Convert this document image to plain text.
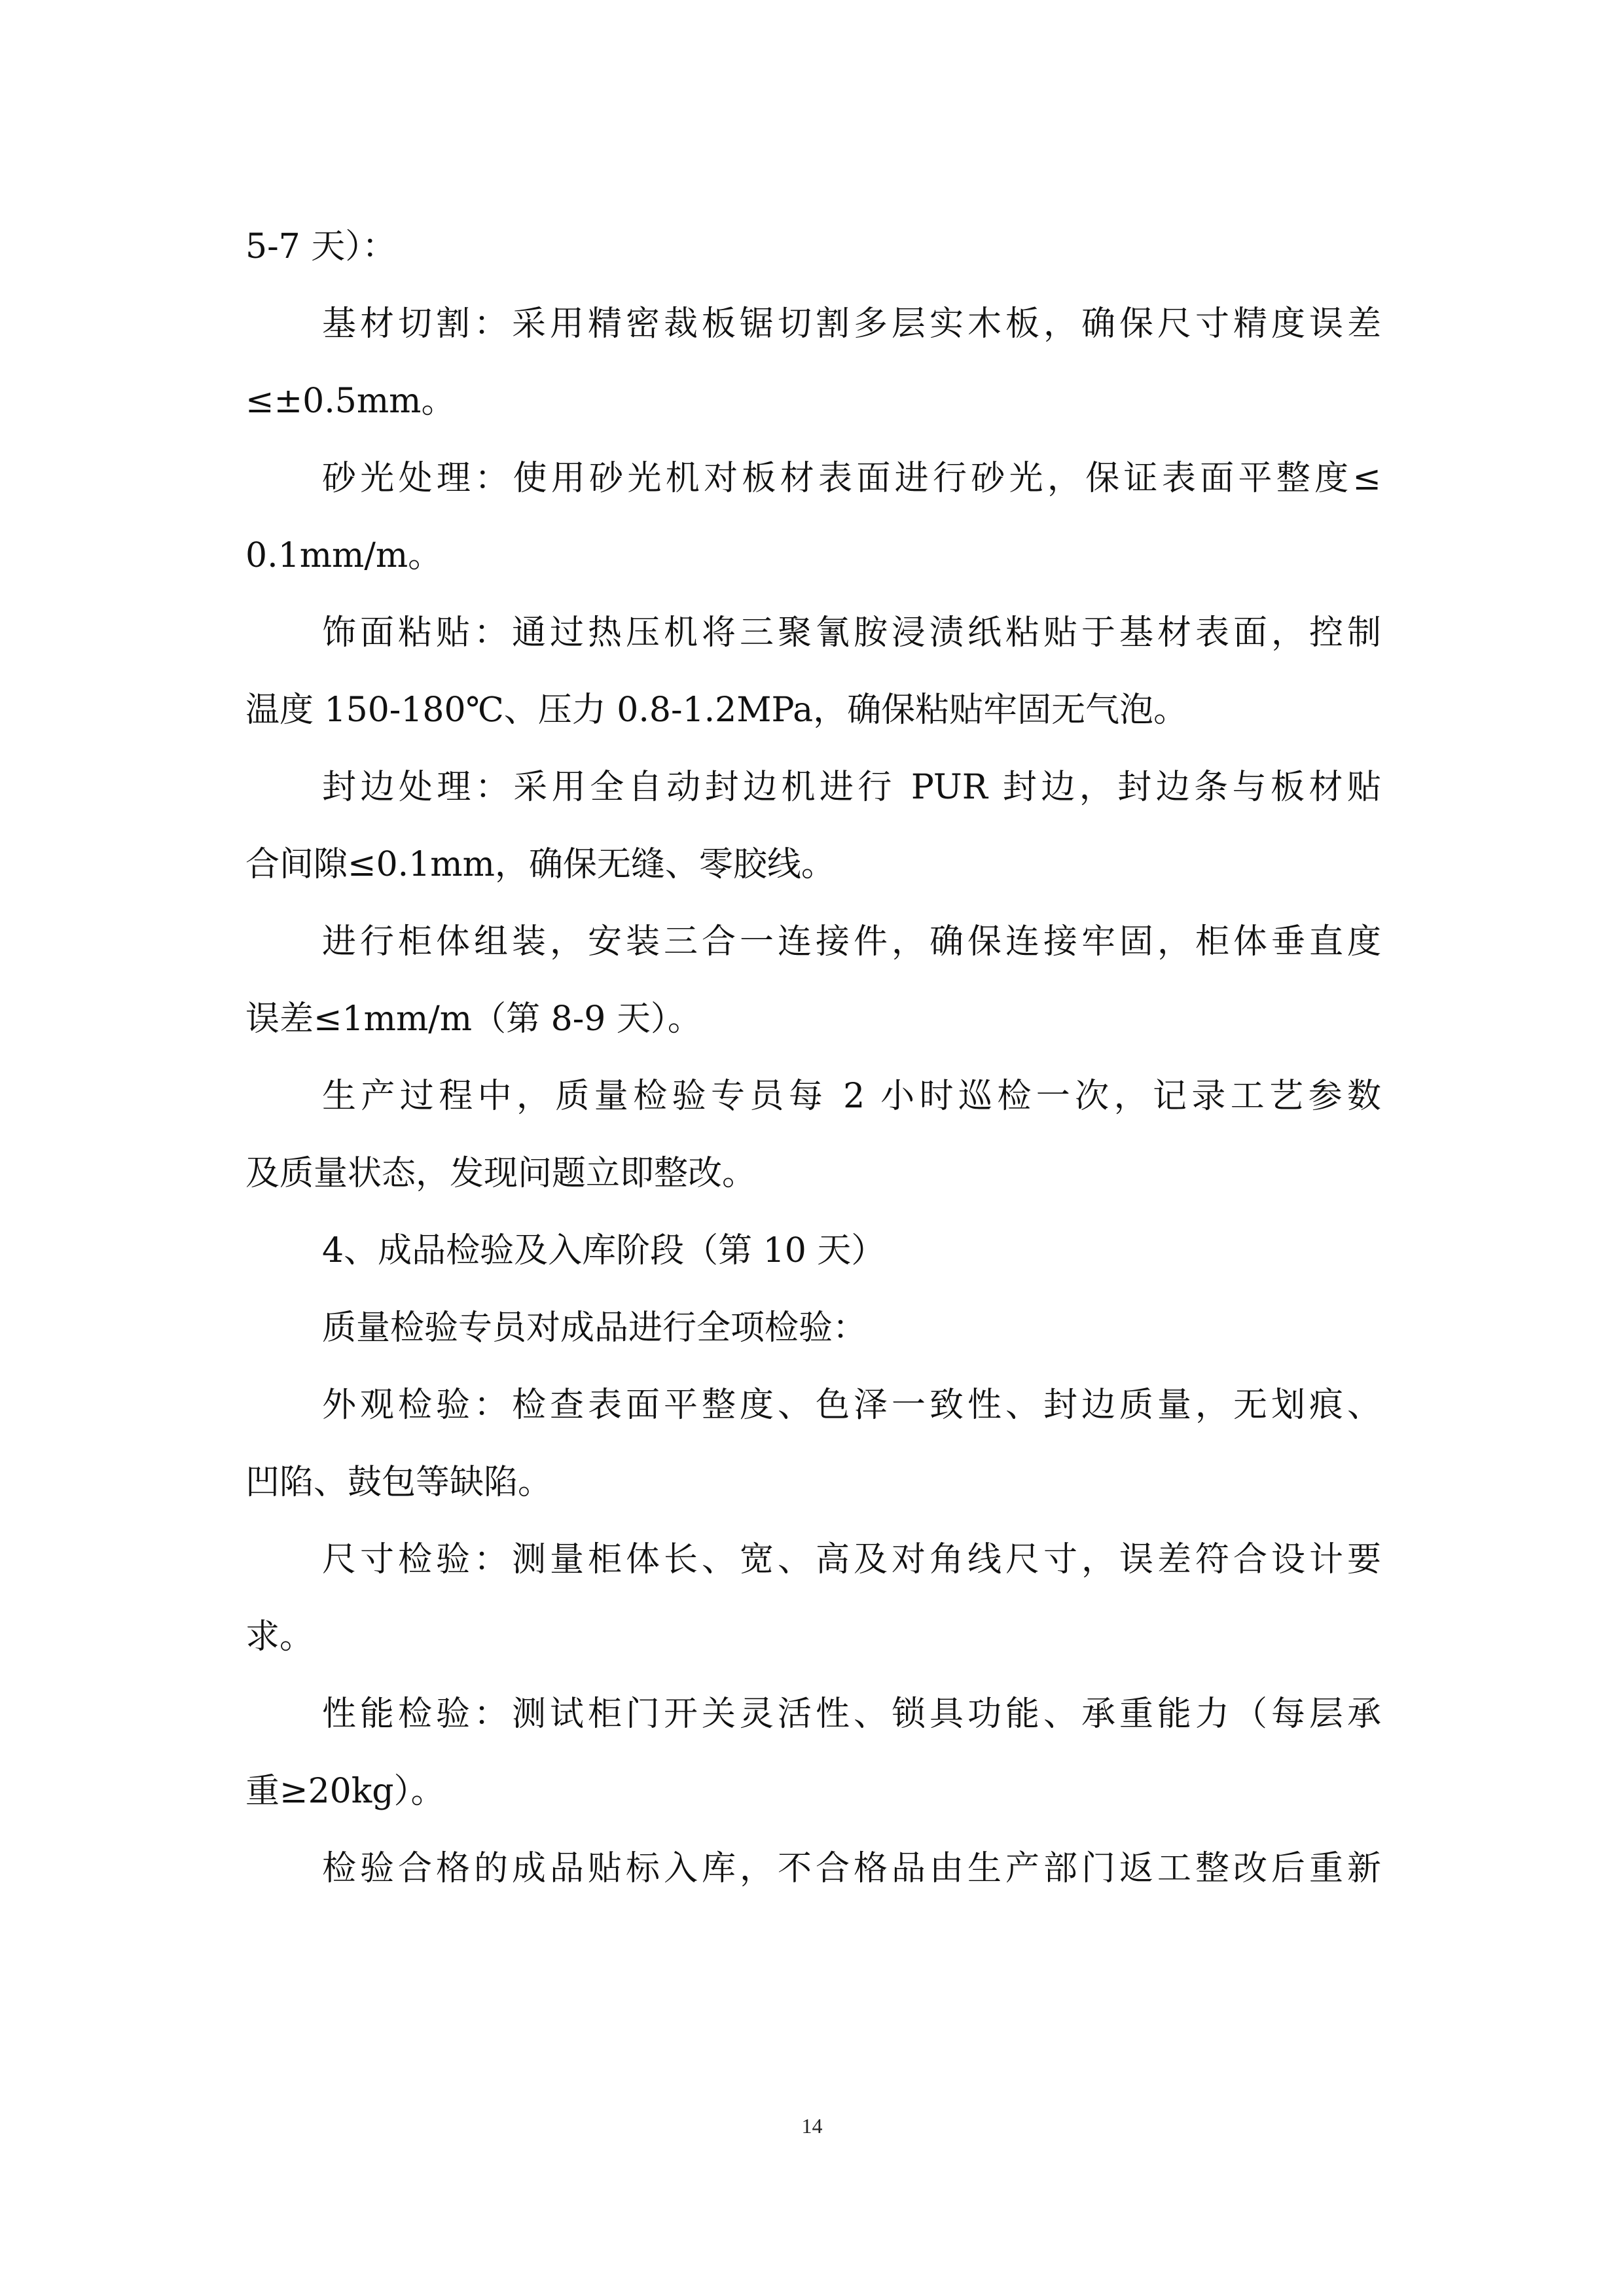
5-7 天）：
基材切割：采用精密裁板锯切割多层实木板，确保尺寸精度误差
≤±0.5mm。
砂光处理：使用砂光机对板材表面进行砂光，保证表面平整度≤
0.1mm/m。
饰面粘贴：通过热压机将三聚氰胺浸渍纸粘贴于基材表面，控制
温度 150-180℃、压力 0.8-1.2MPa，确保粘贴牢固无气泡。
封边处理：采用全自动封边机进行 PUR 封边，封边条与板材贴
合间隙≤0.1mm，确保无缝、零胶线。
进行柜体组装，安装三合一连接件，确保连接牢固，柜体垂直度
误差≤1mm/m（第 8-9 天）。
生产过程中，质量检验专员每 2 小时巡检一次，记录工艺参数
及质量状态，发现问题立即整改。
4、成品检验及入库阶段（第 10 天）
质量检验专员对成品进行全项检验：
外观检验：检查表面平整度、色泽一致性、封边质量，无划痕、
凹陷、鼓包等缺陷。
尺寸检验：测量柜体长、宽、高及对角线尺寸，误差符合设计要
求。
性能检验：测试柜门开关灵活性、锁具功能、承重能力（每层承
重≥20kg）。
检验合格的成品贴标入库，不合格品由生产部门返工整改后重新
14
